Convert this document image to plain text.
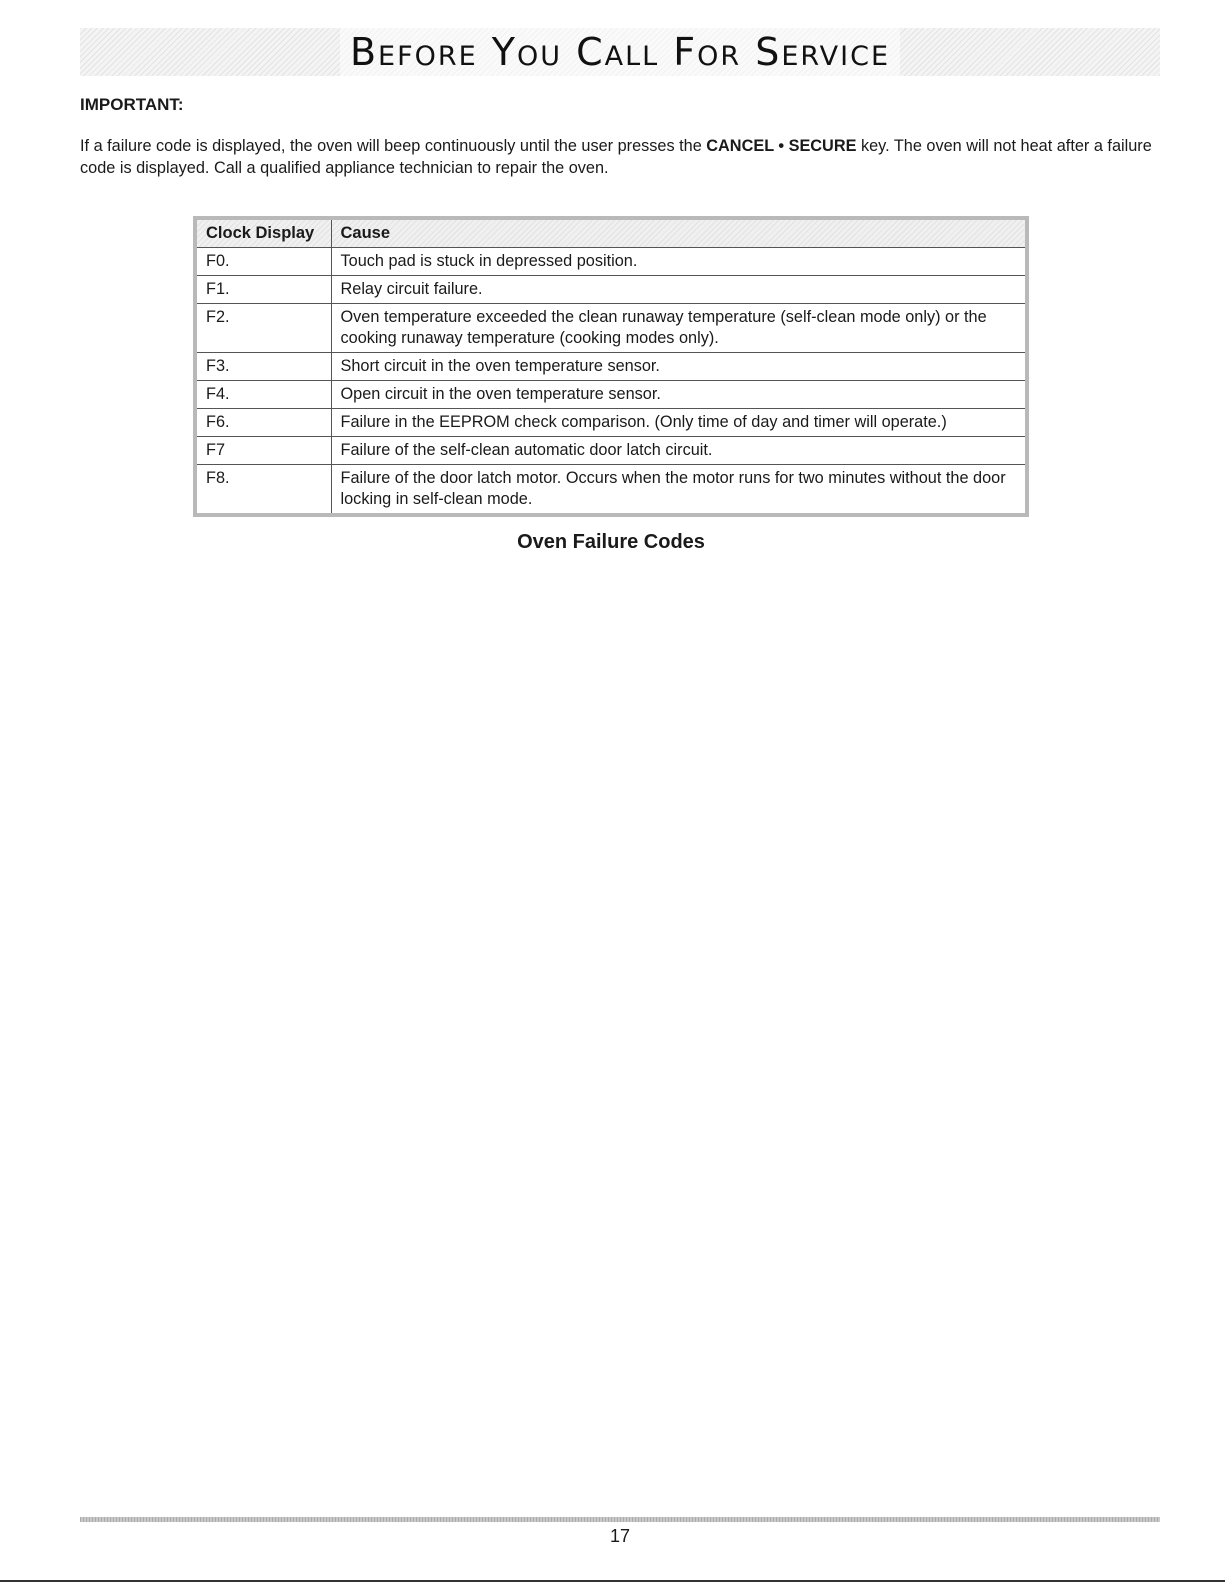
Before You Call For Service

IMPORTANT:

If a failure code is displayed, the oven will beep continuously until the user presses the CANCEL • SECURE key. The oven will not heat after a failure code is displayed. Call a qualified appliance technician to repair the oven.

Clock Display	Cause
F0.	Touch pad is stuck in depressed position.
F1.	Relay circuit failure.
F2.	Oven temperature exceeded the clean runaway temperature (self-clean mode only) or the cooking runaway temperature (cooking modes only).
F3.	Short circuit in the oven temperature sensor.
F4.	Open circuit in the oven temperature sensor.
F6.	Failure in the EEPROM check comparison. (Only time of day and timer will operate.)
F7	Failure of the self-clean automatic door latch circuit.
F8.	Failure of the door latch motor. Occurs when the motor runs for two minutes without the door locking in self-clean mode.

Oven Failure Codes

17
